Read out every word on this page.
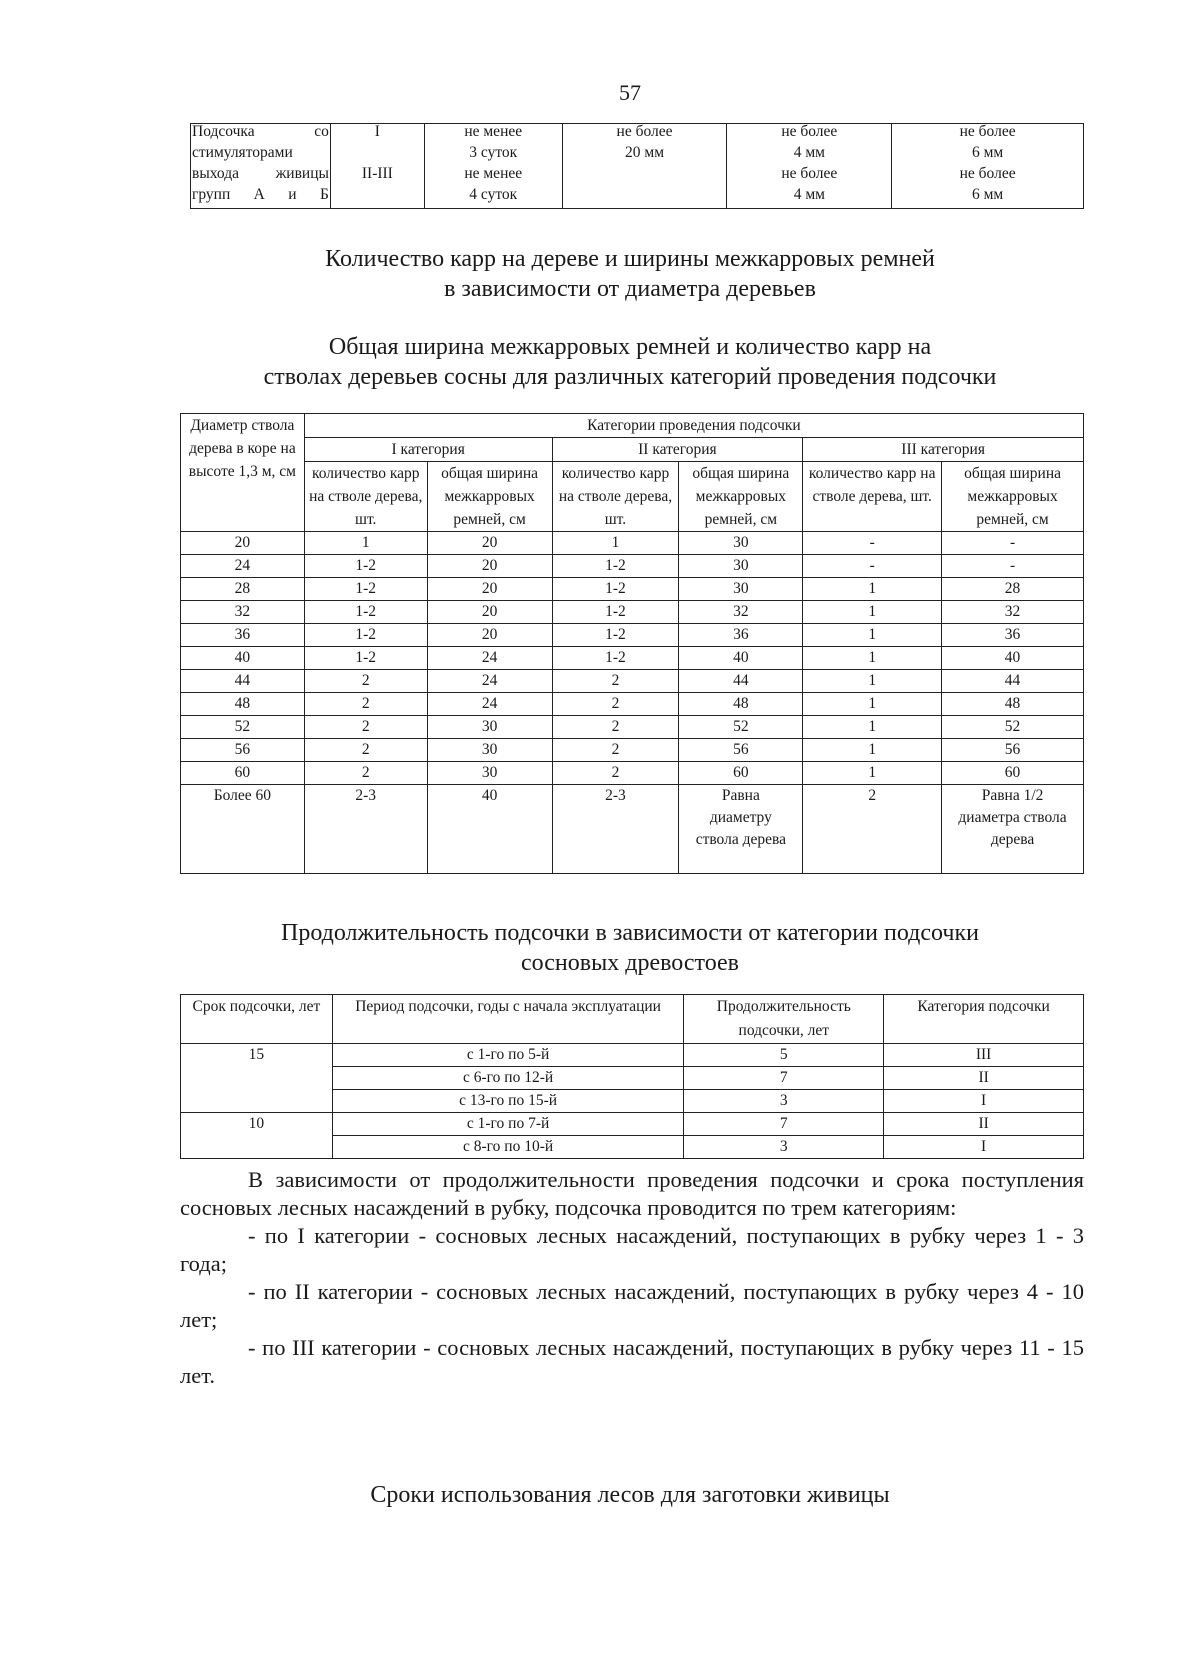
57
Подсочка со	I	не менее	не более	не более	не более
стимуляторами		3 суток	20 мм	4 мм	6 мм
выхода живицы	II-III	не менее		не более	не более
групп А и Б		4 суток		4 мм	6 мм
Количество карр на дереве и ширины межкарровых ремней
в зависимости от диаметра деревьев
Общая ширина межкарровых ремней и количество карр на
стволах деревьев сосны для различных категорий проведения подсочки
Диаметр ствола дерева в коре на высоте 1,3 м, см	Категории проведения подсочки					
	I категория		II категория		III категория	
	количество карр на стволе дерева, шт.	общая ширина межкарровых ремней, см	количество карр на стволе дерева, шт.	общая ширина межкарровых ремней, см	количество карр на стволе дерева, шт.	общая ширина межкарровых ремней, см
20	1	20	1	30	-	-
24	1-2	20	1-2	30	-	-
28	1-2	20	1-2	30	1	28
32	1-2	20	1-2	32	1	32
36	1-2	20	1-2	36	1	36
40	1-2	24	1-2	40	1	40
44	2	24	2	44	1	44
48	2	24	2	48	1	48
52	2	30	2	52	1	52
56	2	30	2	56	1	56
60	2	30	2	60	1	60
Более 60	2-3	40	2-3	Равна диаметру ствола дерева	2	Равна 1/2 диаметра ствола дерева
Продолжительность подсочки в зависимости от категории подсочки
сосновых древостоев
Срок подсочки, лет	Период подсочки, годы с начала эксплуатации	Продолжительность подсочки, лет	Категория подсочки
15	с 1-го по 5-й	5	III
	с 6-го по 12-й	7	II
	с 13-го по 15-й	3	I
10	с 1-го по 7-й	7	II
	с 8-го по 10-й	3	I

В зависимости от продолжительности проведения подсочки и срока поступления сосновых лесных насаждений в рубку, подсочка проводится по трем категориям:

- по I категории - сосновых лесных насаждений, поступающих в рубку через 1 - 3 года;

- по II категории - сосновых лесных насаждений, поступающих в рубку через 4 - 10 лет;

- по III категории - сосновых лесных насаждений, поступающих в рубку через 11 - 15 лет.

Сроки использования лесов для заготовки живицы
